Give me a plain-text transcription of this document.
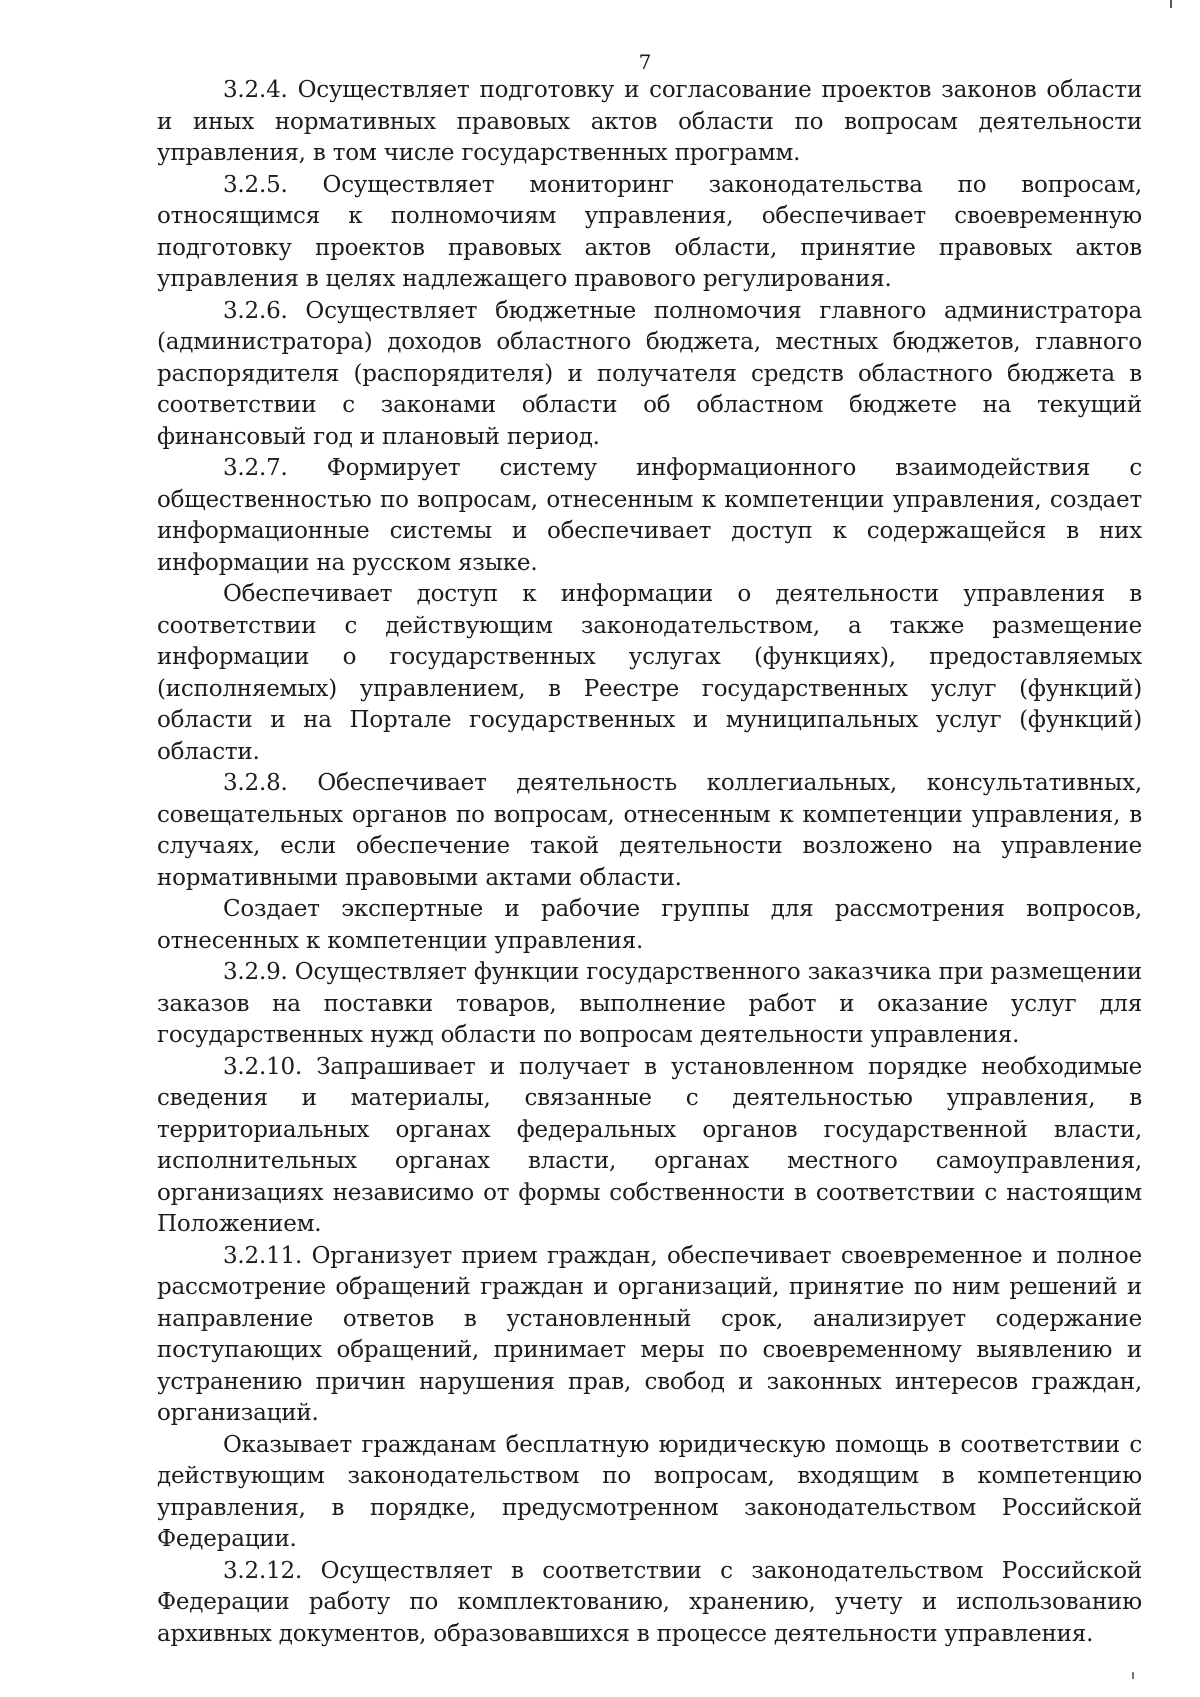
7

3.2.4. Осуществляет подготовку и согласование проектов законов области и иных нормативных правовых актов области по вопросам деятельности управления, в том числе государственных программ.

3.2.5. Осуществляет мониторинг законодательства по вопросам, относящимся к полномочиям управления, обеспечивает своевременную подготовку проектов правовых актов области, принятие правовых актов управления в целях надлежащего правового регулирования.

3.2.6. Осуществляет бюджетные полномочия главного администратора (администратора) доходов областного бюджета, местных бюджетов, главного распорядителя (распорядителя) и получателя средств областного бюджета в соответствии с законами области об областном бюджете на текущий финансовый год и плановый период.

3.2.7. Формирует систему информационного взаимодействия с общественностью по вопросам, отнесенным к компетенции управления, создает информационные системы и обеспечивает доступ к содержащейся в них информации на русском языке.

Обеспечивает доступ к информации о деятельности управления в соответствии с действующим законодательством, а также размещение информации о государственных услугах (функциях), предоставляемых (исполняемых) управлением, в Реестре государственных услуг (функций) области и на Портале государственных и муниципальных услуг (функций) области.

3.2.8. Обеспечивает деятельность коллегиальных, консультативных, совещательных органов по вопросам, отнесенным к компетенции управления, в случаях, если обеспечение такой деятельности возложено на управление нормативными правовыми актами области.

Создает экспертные и рабочие группы для рассмотрения вопросов, отнесенных к компетенции управления.

3.2.9. Осуществляет функции государственного заказчика при размещении заказов на поставки товаров, выполнение работ и оказание услуг для государственных нужд области по вопросам деятельности управления.

3.2.10. Запрашивает и получает в установленном порядке необходимые сведения и материалы, связанные с деятельностью управления, в территориальных органах федеральных органов государственной власти, исполнительных органах власти, органах местного самоуправления, организациях независимо от формы собственности в соответствии с настоящим Положением.

3.2.11. Организует прием граждан, обеспечивает своевременное и полное рассмотрение обращений граждан и организаций, принятие по ним решений и направление ответов в установленный срок, анализирует содержание поступающих обращений, принимает меры по своевременному выявлению и устранению причин нарушения прав, свобод и законных интересов граждан, организаций.

Оказывает гражданам бесплатную юридическую помощь в соответствии с действующим законодательством по вопросам, входящим в компетенцию управления, в порядке, предусмотренном законодательством Российской Федерации.

3.2.12. Осуществляет в соответствии с законодательством Российской Федерации работу по комплектованию, хранению, учету и использованию архивных документов, образовавшихся в процессе деятельности управления.
